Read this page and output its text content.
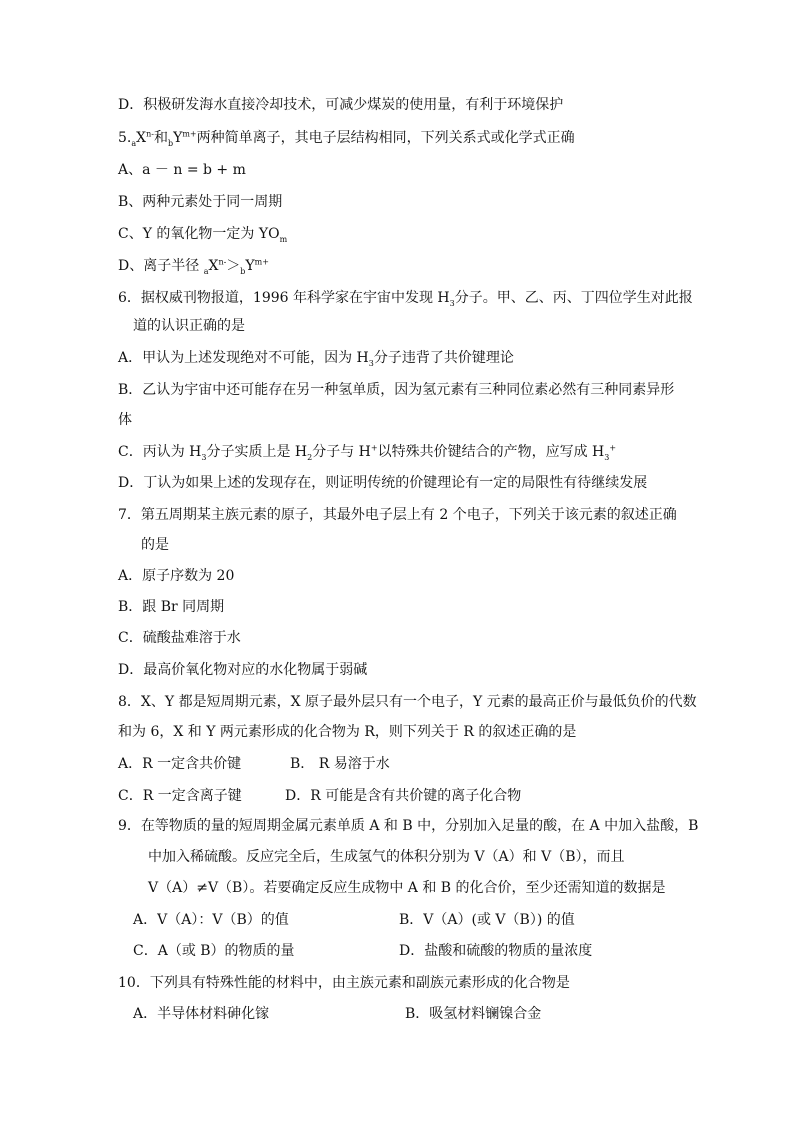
D．积极研发海水直接冷却技术，可减少煤炭的使用量，有利于环境保护
$5._aX^{n-}$和$_bY^{m+}$两种简单离子，其电子层结构相同，下列关系式或化学式正确
A、a － n = b + m
B、两种元素处于同一周期
C、Y 的氧化物一定为 $YO_m$
D、离子半径 $_aX^{n-}>_bY^{m+}$
6．据权威刊物报道，1996 年科学家在宇宙中发现 $H_3$分子。甲、乙、丙、丁四位学生对此报
道的认识正确的是
A．甲认为上述发现绝对不可能，因为 $H_3$分子违背了共价键理论
B．乙认为宇宙中还可能存在另一种氢单质，因为氢元素有三种同位素必然有三种同素异形
体
C．丙认为 $H_3$分子实质上是 $H_2$分子与 H+以特殊共价键结合的产物，应写成 $H_3^+$
D．丁认为如果上述的发现存在，则证明传统的价键理论有一定的局限性有待继续发展
7．第五周期某主族元素的原子，其最外电子层上有 2 个电子，下列关于该元素的叙述正确
的是
A．原子序数为 20
B．跟 Br 同周期
C．硫酸盐难溶于水
D．最高价氧化物对应的水化物属于弱碱
8．X、Y 都是短周期元素，X 原子最外层只有一个电子，Y 元素的最高正价与最低负价的代数
和为 6，X 和 Y 两元素形成的化合物为 R，则下列关于 R 的叙述正确的是
A．R 一定含共价键	B． R 易溶于水
C．R 一定含离子键	D．R 可能是含有共价键的离子化合物
9．在等物质的量的短周期金属元素单质 A 和 B 中，分别加入足量的酸，在 A 中加入盐酸，B
中加入稀硫酸。反应完全后，生成氢气的体积分别为 V（A）和 V（B），而且
V（A）≠V（B）。若要确定反应生成物中 A 和 B 的化合价，至少还需知道的数据是
A．V（A）：V（B）的值	B．V（A）(或 V（B）) 的值
C．A（或 B）的物质的量	D．盐酸和硫酸的物质的量浓度
10．下列具有特殊性能的材料中，由主族元素和副族元素形成的化合物是
A．半导体材料砷化镓	B．吸氢材料镧镍合金
